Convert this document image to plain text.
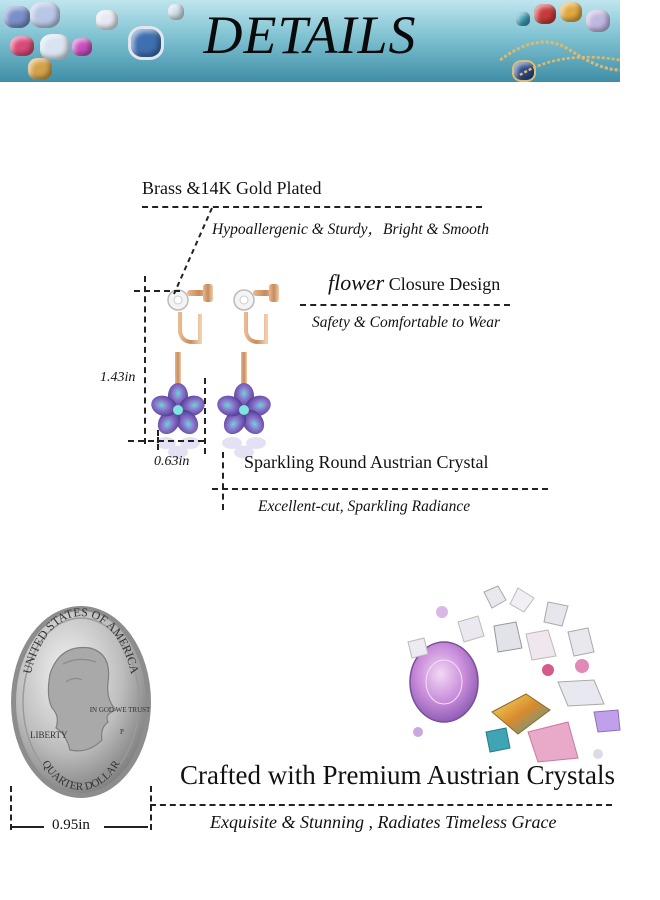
DETAILS
Brass &14K Gold Plated
Hypoallergenic & Sturdy，Bright & Smooth
flower Closure Design
Safety & Comfortable to Wear
1.43in
0.63in	Sparkling Round Austrian Crystal
Excellent-cut, Sparkling Radiance
UNITED STATES OF AMERICA
QUARTER DOLLAR
LIBERTY
IN GOD WE TRUST
P
0.95in
Crafted with Premium Austrian Crystals
Exquisite & Stunning , Radiates Timeless Grace
